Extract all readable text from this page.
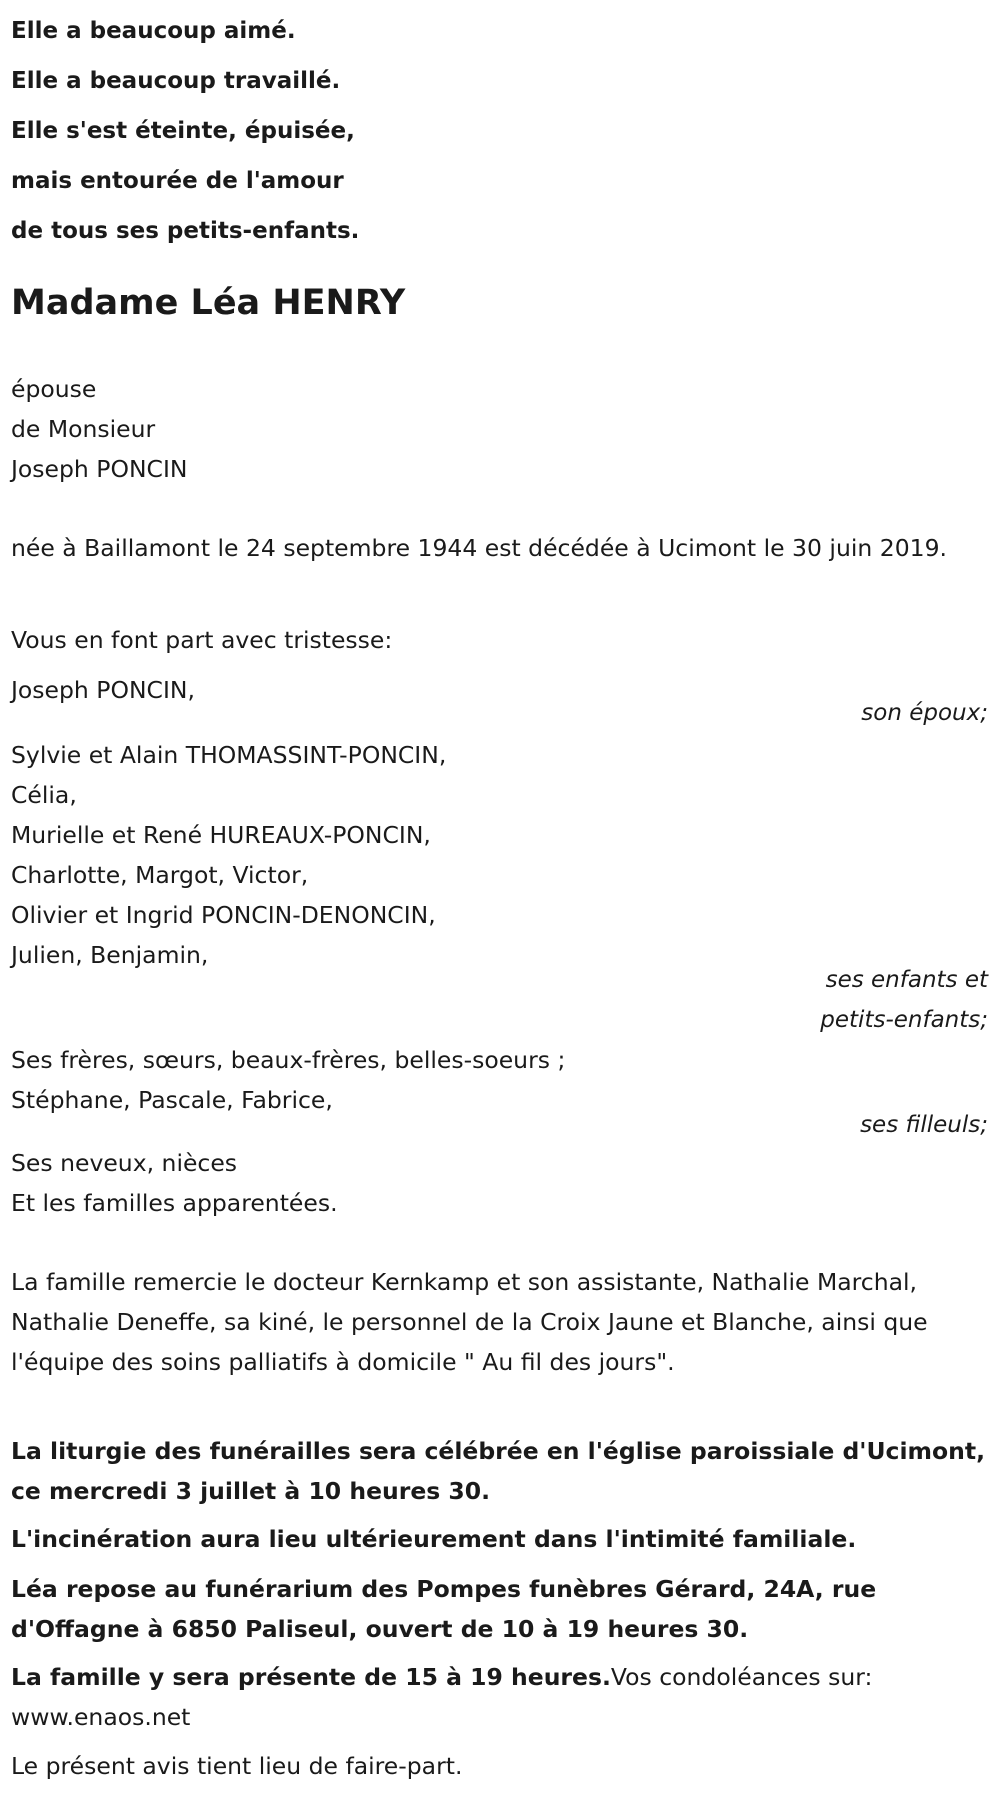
Elle a beaucoup aimé.
Elle a beaucoup travaillé.
Elle s'est éteinte, épuisée,
mais entourée de l'amour
de tous ses petits-enfants.
Madame Léa HENRY
épouse
de Monsieur
Joseph PONCIN
née à Baillamont le 24 septembre 1944 est décédée à Ucimont le 30 juin 2019.
Vous en font part avec tristesse:
Joseph PONCIN,
son époux;
Sylvie et Alain THOMASSINT-PONCIN,
Célia,
Murielle et René HUREAUX-PONCIN,
Charlotte, Margot, Victor,
Olivier et Ingrid PONCIN-DENONCIN,
Julien, Benjamin,
ses enfants et
petits-enfants;
Ses frères, sœurs, beaux-frères, belles-soeurs ;
Stéphane, Pascale, Fabrice,
ses filleuls;
Ses neveux, nièces
Et les familles apparentées.
La famille remercie le docteur Kernkamp et son assistante, Nathalie Marchal, Nathalie Deneffe, sa kiné, le personnel de la Croix Jaune et Blanche, ainsi que l'équipe des soins palliatifs à domicile " Au fil des jours".
La liturgie des funérailles sera célébrée en l'église paroissiale d'Ucimont, ce mercredi 3 juillet à 10 heures 30.
L'incinération aura lieu ultérieurement dans l'intimité familiale.
Léa repose au funérarium des Pompes funèbres Gérard, 24A, rue d'Offagne à 6850 Paliseul, ouvert de 10 à 19 heures 30.
La famille y sera présente de 15 à 19 heures.Vos condoléances sur: www.enaos.net
Le présent avis tient lieu de faire-part.
